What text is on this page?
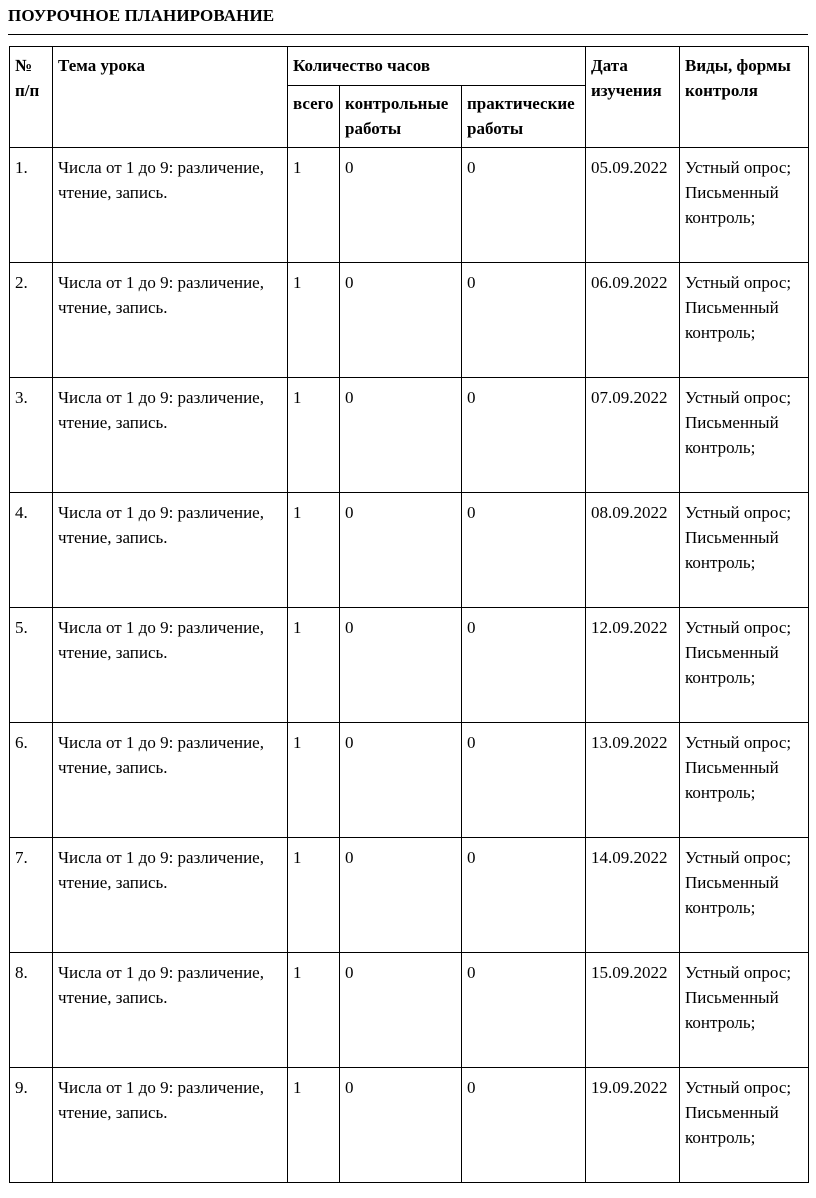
ПОУРОЧНОЕ ПЛАНИРОВАНИЕ
№ п/п	Тема урока	Количество часов			Дата изучения	Виды, формы контроля
		всего	контрольные работы	практические работы		
1.	Числа от 1 до 9: различение, чтение, запись.	1	0	0	05.09.2022	Устный опрос; Письменный контроль;
2.	Числа от 1 до 9: различение, чтение, запись.	1	0	0	06.09.2022	Устный опрос; Письменный контроль;
3.	Числа от 1 до 9: различение, чтение, запись.	1	0	0	07.09.2022	Устный опрос; Письменный контроль;
4.	Числа от 1 до 9: различение, чтение, запись.	1	0	0	08.09.2022	Устный опрос; Письменный контроль;
5.	Числа от 1 до 9: различение, чтение, запись.	1	0	0	12.09.2022	Устный опрос; Письменный контроль;
6.	Числа от 1 до 9: различение, чтение, запись.	1	0	0	13.09.2022	Устный опрос; Письменный контроль;
7.	Числа от 1 до 9: различение, чтение, запись.	1	0	0	14.09.2022	Устный опрос; Письменный контроль;
8.	Числа от 1 до 9: различение, чтение, запись.	1	0	0	15.09.2022	Устный опрос; Письменный контроль;
9.	Числа от 1 до 9: различение, чтение, запись.	1	0	0	19.09.2022	Устный опрос; Письменный контроль;
